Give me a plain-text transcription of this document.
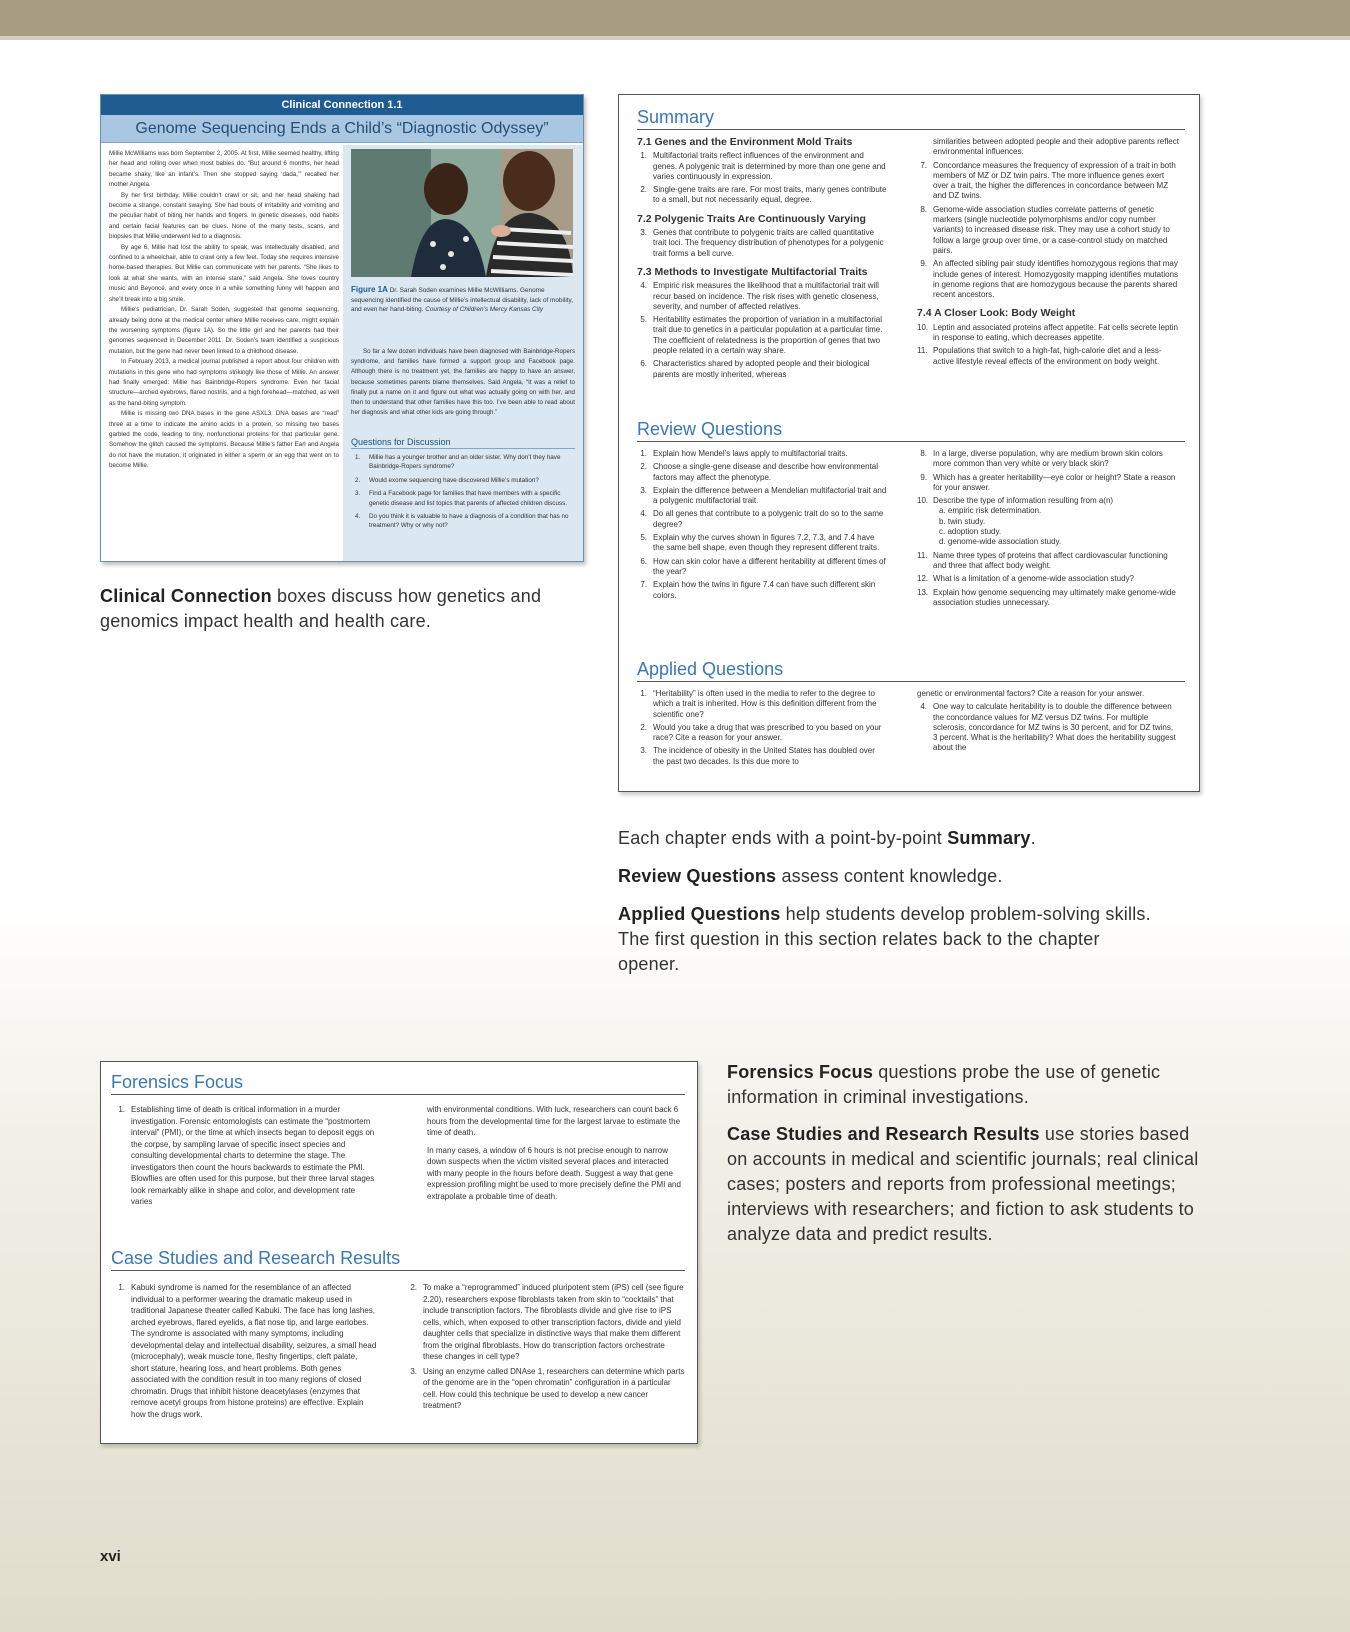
Clinical Connection 1.1
Genome Sequencing Ends a Child’s “Diagnostic Odyssey”

Millie McWilliams was born September 2, 2005. At first, Millie seemed healthy, lifting her head and rolling over when most babies do. “But around 6 months, her head became shaky, like an infant’s. Then she stopped saying ‘dada,’” recalled her mother Angela.

By her first birthday, Millie couldn’t crawl or sit, and her head shaking had become a strange, constant swaying. She had bouts of irritability and vomiting and the peculiar habit of biting her hands and fingers. In genetic diseases, odd habits and certain facial features can be clues. None of the many tests, scans, and biopsies that Millie underwent led to a diagnosis.

By age 6, Millie had lost the ability to speak, was intellectually disabled, and confined to a wheelchair, able to crawl only a few feet. Today she requires intensive home-based therapies. But Millie can communicate with her parents. “She likes to look at what she wants, with an intense stare,” said Angela. She loves country music and Beyoncé, and every once in a while something funny will happen and she’ll break into a big smile.

Millie’s pediatrician, Dr. Sarah Soden, suggested that genome sequencing, already being done at the medical center where Millie receives care, might explain the worsening symptoms (figure 1A). So the little girl and her parents had their genomes sequenced in December 2011. Dr. Soden’s team identified a suspicious mutation, but the gene had never been linked to a childhood disease.

In February 2013, a medical journal published a report about four children with mutations in this gene who had symptoms strikingly like those of Millie. An answer had finally emerged: Millie has Bainbridge-Ropers syndrome. Even her facial structure—arched eyebrows, flared nostrils, and a high forehead—matched, as well as the hand-biting symptom.

Millie is missing two DNA bases in the gene ASXL3. DNA bases are “read” three at a time to indicate the amino acids in a protein, so missing two bases garbled the code, leading to tiny, nonfunctional proteins for that particular gene. Somehow the glitch caused the symptoms. Because Millie’s father Earl and Angela do not have the mutation, it originated in either a sperm or an egg that went on to become Millie.

Figure 1A Dr. Sarah Soden examines Millie McWilliams. Genome sequencing identified the cause of Millie’s intellectual disability, lack of mobility, and even her hand-biting. Courtesy of Children’s Mercy Kansas City
So far a few dozen individuals have been diagnosed with Bainbridge-Ropers syndrome, and families have formed a support group and Facebook page. Although there is no treatment yet, the families are happy to have an answer, because sometimes parents blame themselves. Said Angela, “It was a relief to finally put a name on it and figure out what was actually going on with her, and then to understand that other families have this too. I’ve been able to read about her diagnosis and what other kids are going through.”
Questions for Discussion
1.	Millie has a younger brother and an older sister. Why don’t they have Bainbridge-Ropers syndrome?
2.	Would exome sequencing have discovered Millie’s mutation?
3.	Find a Facebook page for families that have members with a specific genetic disease and list topics that parents of affected children discuss.
4.	Do you think it is valuable to have a diagnosis of a condition that has no treatment? Why or why not?
Clinical Connection boxes discuss how genetics and genomics impact health and health care.
Summary
7.1 Genes and the Environment Mold Traits
1. Multifactorial traits reflect influences of the environment and genes. A polygenic trait is determined by more than one gene and varies continuously in expression.
2. Single-gene traits are rare. For most traits, many genes contribute to a small, but not necessarily equal, degree.
7.2 Polygenic Traits Are Continuously Varying
3. Genes that contribute to polygenic traits are called quantitative trait loci. The frequency distribution of phenotypes for a polygenic trait forms a bell curve.
7.3 Methods to Investigate Multifactorial Traits
4. Empiric risk measures the likelihood that a multifactorial trait will recur based on incidence. The risk rises with genetic closeness, severity, and number of affected relatives.
5. Heritability estimates the proportion of variation in a multifactorial trait due to genetics in a particular population at a particular time. The coefficient of relatedness is the proportion of genes that two people related in a certain way share.
6. Characteristics shared by adopted people and their biological parents are mostly inherited, whereas
similarities between adopted people and their adoptive parents reflect environmental influences.
7. Concordance measures the frequency of expression of a trait in both members of MZ or DZ twin pairs. The more influence genes exert over a trait, the higher the differences in concordance between MZ and DZ twins.
8. Genome-wide association studies correlate patterns of genetic markers (single nucleotide polymorphisms and/or copy number variants) to increased disease risk. They may use a cohort study to follow a large group over time, or a case-control study on matched pairs.
9. An affected sibling pair study identifies homozygous regions that may include genes of interest. Homozygosity mapping identifies mutations in genome regions that are homozygous because the parents shared recent ancestors.
7.4 A Closer Look: Body Weight
10. Leptin and associated proteins affect appetite. Fat cells secrete leptin in response to eating, which decreases appetite.
11. Populations that switch to a high-fat, high-calorie diet and a less-active lifestyle reveal effects of the environment on body weight.
Review Questions
1. Explain how Mendel’s laws apply to multifactorial traits.
2. Choose a single-gene disease and describe how environmental factors may affect the phenotype.
3. Explain the difference between a Mendelian multifactorial trait and a polygenic multifactorial trait.
4. Do all genes that contribute to a polygenic trait do so to the same degree?
5. Explain why the curves shown in figures 7.2, 7.3, and 7.4 have the same bell shape, even though they represent different traits.
6. How can skin color have a different heritability at different times of the year?
7. Explain how the twins in figure 7.4 can have such different skin colors.
8. In a large, diverse population, why are medium brown skin colors more common than very white or very black skin?
9. Which has a greater heritability—eye color or height? State a reason for your answer.
10. Describe the type of information resulting from a(n)
a. empiric risk determination.
b. twin study.
c. adoption study.
d. genome-wide association study.
11. Name three types of proteins that affect cardiovascular functioning and three that affect body weight.
12. What is a limitation of a genome-wide association study?
13. Explain how genome sequencing may ultimately make genome-wide association studies unnecessary.
Applied Questions
1. “Heritability” is often used in the media to refer to the degree to which a trait is inherited. How is this definition different from the scientific one?
2. Would you take a drug that was prescribed to you based on your race? Cite a reason for your answer.
3. The incidence of obesity in the United States has doubled over the past two decades. Is this due more to
genetic or environmental factors? Cite a reason for your answer.
4. One way to calculate heritability is to double the difference between the concordance values for MZ versus DZ twins. For multiple sclerosis, concordance for MZ twins is 30 percent, and for DZ twins, 3 percent. What is the heritability? What does the heritability suggest about the
Each chapter ends with a point-by-point Summary.
Review Questions assess content knowledge.
Applied Questions help students develop problem-solving skills. The first question in this section relates back to the chapter opener.
Forensics Focus
1. Establishing time of death is critical information in a murder investigation. Forensic entomologists can estimate the “postmortem interval” (PMI), or the time at which insects began to deposit eggs on the corpse, by sampling larvae of specific insect species and consulting developmental charts to determine the stage. The investigators then count the hours backwards to estimate the PMI. Blowflies are often used for this purpose, but their three larval stages look remarkably alike in shape and color, and development rate varies
with environmental conditions. With luck, researchers can count back 6 hours from the developmental time for the largest larvae to estimate the time of death.
In many cases, a window of 6 hours is not precise enough to narrow down suspects when the victim visited several places and interacted with many people in the hours before death. Suggest a way that gene expression profiling might be used to more precisely define the PMI and extrapolate a probable time of death.
Case Studies and Research Results
1. Kabuki syndrome is named for the resemblance of an affected individual to a performer wearing the dramatic makeup used in traditional Japanese theater called Kabuki. The face has long lashes, arched eyebrows, flared eyelids, a flat nose tip, and large earlobes. The syndrome is associated with many symptoms, including developmental delay and intellectual disability, seizures, a small head (microcephaly), weak muscle tone, fleshy fingertips, cleft palate, short stature, hearing loss, and heart problems. Both genes associated with the condition result in too many regions of closed chromatin. Drugs that inhibit histone deacetylases (enzymes that remove acetyl groups from histone proteins) are effective. Explain how the drugs work.
2. To make a “reprogrammed” induced pluripotent stem (iPS) cell (see figure 2.20), researchers expose fibroblasts taken from skin to “cocktails” that include transcription factors. The fibroblasts divide and give rise to iPS cells, which, when exposed to other transcription factors, divide and yield daughter cells that specialize in distinctive ways that make them different from the original fibroblasts. How do transcription factors orchestrate these changes in cell type?
3. Using an enzyme called DNAse 1, researchers can determine which parts of the genome are in the “open chromatin” configuration in a particular cell. How could this technique be used to develop a new cancer treatment?
Forensics Focus questions probe the use of genetic information in criminal investigations.
Case Studies and Research Results use stories based on accounts in medical and scientific journals; real clinical cases; posters and reports from professional meetings; interviews with researchers; and fiction to ask students to analyze data and predict results.
xvi
